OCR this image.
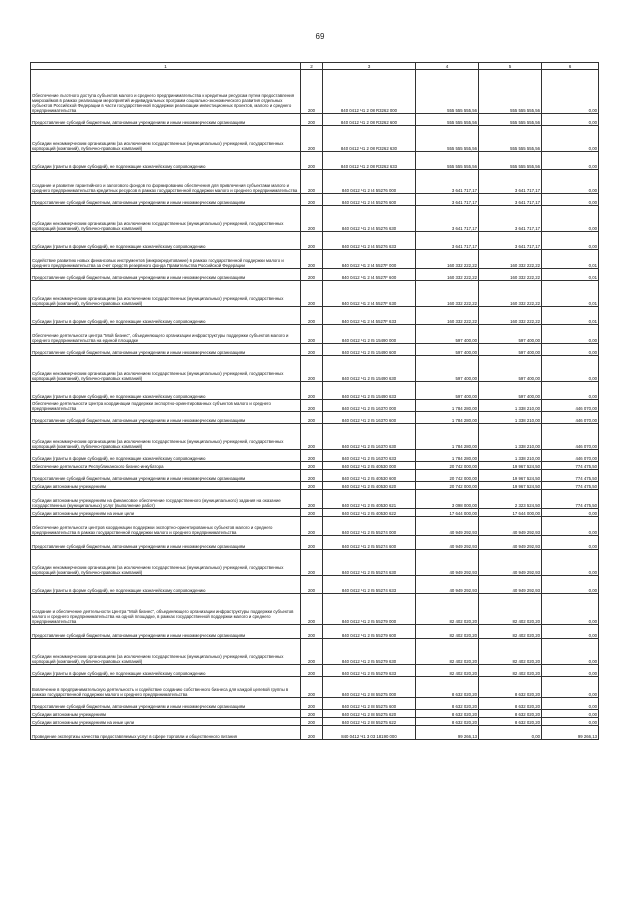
69
1	2	3	4	5	6
Обеспечение льготного доступа субъектов малого и среднего предпринимательства к кредитным ресурсам путем предоставления микрозаймов в рамках реализации мероприятий индивидуальных программ социально-экономического развития отдельных субъектов Российской Федерации в части государственной поддержки реализации инвестиционных проектов, малого и среднего предпринимательства	200	840 0412 Ч1 2 08 R3262 000	555 555 555,56	555 555 555,56	0,00
Предоставление субсидий бюджетным, автономным учреждениям и иным некоммерческим организациям	200	840 0412 Ч1 2 08 R3262 600	555 555 555,56	555 555 555,56	0,00
Субсидии некоммерческим организациям (за исключением государственных (муниципальных) учреждений, государственных корпораций (компаний), публично-правовых компаний)	200	840 0412 Ч1 2 08 R3262 630	555 555 555,56	555 555 555,56	0,00
Субсидии (гранты в форме субсидий), не подлежащие казначейскому сопровождению	200	840 0412 Ч1 2 08 R3262 633	555 555 555,56	555 555 555,56	0,00
Создание и развитие гарантийного и залогового фондов по формированию обеспечения для привлечения субъектами малого и среднего предпринимательства кредитных ресурсов в рамках государственной поддержки малого и среднего предпринимательства	200	840 0412 Ч1 2 I4 55276 000	3 641 717,17	3 641 717,17	0,00
Предоставление субсидий бюджетным, автономным учреждениям и иным некоммерческим организациям	200	840 0412 Ч1 2 I4 55276 600	3 641 717,17	3 641 717,17	0,00
Субсидии некоммерческим организациям (за исключением государственных (муниципальных) учреждений, государственных корпораций (компаний), публично-правовых компаний)	200	840 0412 Ч1 2 I4 55276 630	3 641 717,17	3 641 717,17	0,00
Субсидии (гранты в форме субсидий), не подлежащие казначейскому сопровождению	200	840 0412 Ч1 2 I4 55276 633	3 641 717,17	3 641 717,17	0,00
Содействие развитию новых финансовых инструментов (микрокредитование) в рамках государственной поддержки малого и среднего предпринимательства за счет средств резервного фонда Правительства Российской Федерации	200	840 0412 Ч1 2 I4 5527F 000	160 332 222,22	160 332 222,22	0,01
Предоставление субсидий бюджетным, автономным учреждениям и иным некоммерческим организациям	200	840 0412 Ч1 2 I4 5527F 600	160 332 222,22	160 332 222,22	0,01
Субсидии некоммерческим организациям (за исключением государственных (муниципальных) учреждений, государственных корпораций (компаний), публично-правовых компаний)	200	840 0412 Ч1 2 I4 5527F 630	160 332 222,22	160 332 222,22	0,01
Субсидии (гранты в форме субсидий), не подлежащие казначейскому сопровождению	200	840 0412 Ч1 2 I4 5527F 633	160 332 222,22	160 332 222,22	0,01
Обеспечение деятельности центра "Мой бизнес", объединяющего организации инфраструктуры поддержки субъектов малого и среднего предпринимательства на единой площадке	200	840 0412 Ч1 2 I5 15490 000	597 400,00	597 400,00	0,00
Предоставление субсидий бюджетным, автономным учреждениям и иным некоммерческим организациям	200	840 0412 Ч1 2 I5 15490 600	597 400,00	597 400,00	0,00
Субсидии некоммерческим организациям (за исключением государственных (муниципальных) учреждений, государственных корпораций (компаний), публично-правовых компаний)	200	840 0412 Ч1 2 I5 15490 630	597 400,00	597 400,00	0,00
Субсидии (гранты в форме субсидий), не подлежащие казначейскому сопровождению	200	840 0412 Ч1 2 I5 15490 633	597 400,00	597 400,00	0,00
Обеспечение деятельности Центра координации поддержки экспортно-ориентированных субъектов малого и среднего предпринимательства	200	840 0412 Ч1 2 I5 16370 000	1 784 280,00	1 338 210,00	446 070,00
Предоставление субсидий бюджетным, автономным учреждениям и иным некоммерческим организациям	200	840 0412 Ч1 2 I5 16370 600	1 784 280,00	1 338 210,00	446 070,00
Субсидии некоммерческим организациям (за исключением государственных (муниципальных) учреждений, государственных корпораций (компаний), публично-правовых компаний)	200	840 0412 Ч1 2 I5 16370 630	1 784 280,00	1 338 210,00	446 070,00
Субсидии (гранты в форме субсидий), не подлежащие казначейскому сопровождению	200	840 0412 Ч1 2 I5 16370 633	1 784 280,00	1 338 210,00	446 070,00
Обеспечение деятельности Республиканского бизнес-инкубатора	200	840 0412 Ч1 2 I5 40530 000	20 742 000,00	19 967 524,50	774 475,50
Предоставление субсидий бюджетным, автономным учреждениям и иным некоммерческим организациям	200	840 0412 Ч1 2 I5 40530 600	20 742 000,00	19 967 524,50	774 475,50
Субсидии автономным учреждениям	200	840 0412 Ч1 2 I5 40530 620	20 742 000,00	19 967 524,50	774 475,50
Субсидии автономным учреждениям на финансовое обеспечение государственного (муниципального) задания на оказание государственных (муниципальных) услуг (выполнение работ)	200	840 0412 Ч1 2 I5 40530 621	3 098 000,00	2 323 524,50	774 475,50
Субсидии автономным учреждениям на иные цели	200	840 0412 Ч1 2 I5 40530 622	17 644 000,00	17 644 000,00	0,00
Обеспечение деятельности центров координации поддержки экспортно-ориентированных субъектов малого и среднего предпринимательства в рамках государственной поддержки малого и среднего предпринимательства	200	840 0412 Ч1 2 I5 55274 000	40 949 292,93	40 949 292,93	0,00
Предоставление субсидий бюджетным, автономным учреждениям и иным некоммерческим организациям	200	840 0412 Ч1 2 I5 55274 600	40 949 292,93	40 949 292,93	0,00
Субсидии некоммерческим организациям (за исключением государственных (муниципальных) учреждений, государственных корпораций (компаний), публично-правовых компаний)	200	840 0412 Ч1 2 I5 55274 630	40 949 292,93	40 949 292,93	0,00
Субсидии (гранты в форме субсидий), не подлежащие казначейскому сопровождению	200	840 0412 Ч1 2 I5 55274 633	40 949 292,93	40 949 292,93	0,00
Создание и обеспечение деятельности Центра "Мой бизнес", объединяющего организации инфраструктуры поддержки субъектов малого и среднего предпринимательства на одной площадке, в рамках государственной поддержки малого и среднего предпринимательства	200	840 0412 Ч1 2 I5 55279 000	82 402 020,20	82 402 020,20	0,00
Предоставление субсидий бюджетным, автономным учреждениям и иным некоммерческим организациям	200	840 0412 Ч1 2 I5 55279 600	82 402 020,20	82 402 020,20	0,00
Субсидии некоммерческим организациям (за исключением государственных (муниципальных) учреждений, государственных корпораций (компаний), публично-правовых компаний)	200	840 0412 Ч1 2 I5 55279 630	82 402 020,20	82 402 020,20	0,00
Субсидии (гранты в форме субсидий), не подлежащие казначейскому сопровождению	200	840 0412 Ч1 2 I5 55279 633	82 402 020,20	82 402 020,20	0,00
Вовлечение в предпринимательскую деятельность и содействие созданию собственного бизнеса для каждой целевой группы в рамках государственной поддержки малого и среднего предпринимательства	200	840 0412 Ч1 2 I8 55275 000	8 632 020,20	8 632 020,20	0,00
Предоставление субсидий бюджетным, автономным учреждениям и иным некоммерческим организациям	200	840 0412 Ч1 2 I8 55275 600	8 632 020,20	8 632 020,20	0,00
Субсидии автономным учреждениям	200	840 0412 Ч1 2 I8 55275 620	8 632 020,20	8 632 020,20	0,00
Субсидии автономным учреждениям на иные цели	200	840 0412 Ч1 2 I8 55275 622	8 632 020,20	8 632 020,20	0,00
Проведение экспертизы качества предоставляемых услуг в сфере торговли и общественного питания	200	840 0412 Ч1 3 03 18190 000	99 266,13	0,00	99 266,13
